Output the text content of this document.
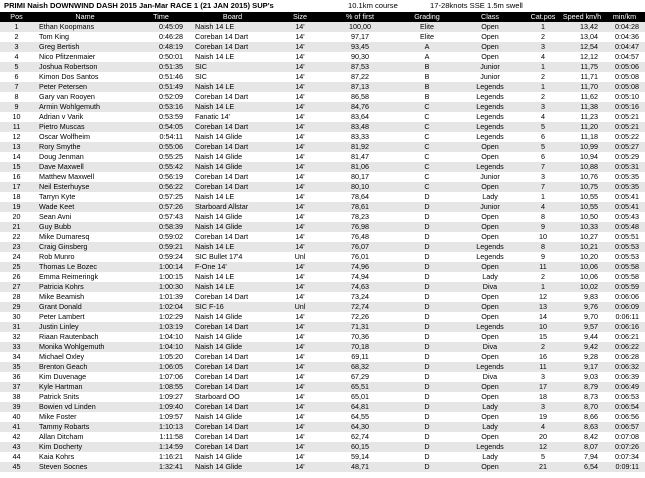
PRIMI Naish DOWNWIND DASH 2015 Jan-Mar RACE 1 (21 JAN 2015) SUP's	10.1km course	17-28knots SSE 1.5m swell
Pos	Name	Time	Board	Size	% of first	Grading	Class	Cat.pos	Speed km/h	min/km
1	Ethan Koopmans	0:45:09	Naish 14 LE	14'	100,00	Elite	Open	1	13,42	0:04:28
2	Tom King	0:46:28	Coreban 14 Dart	14'	97,17	Elite	Open	2	13,04	0:04:36
3	Greg Bertish	0:48:19	Coreban 14 Dart	14'	93,45	A	Open	3	12,54	0:04:47
4	Nico Pfitzenmaier	0:50:01	Naish 14 LE	14'	90,30	A	Open	4	12,12	0:04:57
5	Joshua Robertson	0:51:35	SIC	14'	87,53	B	Junior	1	11,75	0:05:06
6	Kimon Dos Santos	0:51:46	SIC	14'	87,22	B	Junior	2	11,71	0:05:08
7	Peter Petersen	0:51:49	Naish 14 LE	14'	87,13	B	Legends	1	11,70	0:05:08
8	Gary van Rooyen	0:52:09	Coreban 14 Dart	14'	86,58	B	Legends	2	11,62	0:05:10
9	Armin Wohlgemuth	0:53:16	Naish 14 LE	14'	84,76	C	Legends	3	11,38	0:05:16
10	Adrian v Varik	0:53:59	Fanatic 14'	14'	83,64	C	Legends	4	11,23	0:05:21
11	Pietro Muscas	0:54:05	Coreban 14 Dart	14'	83,48	C	Legends	5	11,20	0:05:21
12	Oscar Wolfheim	0:54:11	Naish 14 Glide	14'	83,33	C	Legends	6	11,18	0:05:22
13	Rory Smythe	0:55:06	Coreban 14 Dart	14'	81,92	C	Open	5	10,99	0:05:27
14	Doug Jenman	0:55:25	Naish 14 Glide	14'	81,47	C	Open	6	10,94	0:05:29
15	Dave Maxwell	0:55:42	Naish 14 Glide	14'	81,06	C	Legends	7	10,88	0:05:31
16	Matthew Maxwell	0:56:19	Coreban 14 Dart	14'	80,17	C	Junior	3	10,76	0:05:35
17	Neil Esterhuyse	0:56:22	Coreban 14 Dart	14'	80,10	C	Open	7	10,75	0:05:35
18	Tarryn Kyte	0:57:25	Naish 14 LE	14'	78,64	D	Lady	1	10,55	0:05:41
19	Wade Keet	0:57:26	Starboard Allstar	14'	78,61	D	Junior	4	10,55	0:05:41
20	Sean Avni	0:57:43	Naish 14 Glide	14'	78,23	D	Open	8	10,50	0:05:43
21	Guy Bubb	0:58:39	Naish 14 Glide	14'	76,98	D	Open	9	10,33	0:05:48
22	Mike Dumaresq	0:59:02	Coreban 14 Dart	14'	76,48	D	Open	10	10,27	0:05:51
23	Craig Ginsberg	0:59:21	Naish 14 LE	14'	76,07	D	Legends	8	10,21	0:05:53
24	Rob Munro	0:59:24	SIC Bullet 17'4	Unl	76,01	D	Legends	9	10,20	0:05:53
25	Thomas Le Bozec	1:00:14	F-One 14'	14'	74,96	D	Open	11	10,06	0:05:58
26	Emma Reimeringk	1:00:15	Naish 14 LE	14'	74,94	D	Lady	2	10,06	0:05:58
27	Patricia Kohrs	1:00:30	Naish 14 LE	14'	74,63	D	Diva	1	10,02	0:05:59
28	Mike Beamish	1:01:39	Coreban 14 Dart	14'	73,24	D	Open	12	9,83	0:06:06
29	Grant Donald	1:02:04	SIC F-16	Unl	72,74	D	Open	13	9,76	0:06:09
30	Peter Lambert	1:02:29	Naish 14 Glide	14'	72,26	D	Open	14	9,70	0:06:11
31	Justin Linley	1:03:19	Coreban 14 Dart	14'	71,31	D	Legends	10	9,57	0:06:16
32	Riaan Rautenbach	1:04:10	Naish 14 Glide	14'	70,36	D	Open	15	9,44	0:06:21
33	Monika Wohlgemuth	1:04:10	Naish 14 Glide	14'	70,18	D	Diva	2	9,42	0:06:22
34	Michael Oxley	1:05:20	Coreban 14 Dart	14'	69,11	D	Open	16	9,28	0:06:28
35	Brenton Geach	1:06:05	Coreban 14 Dart	14'	68,32	D	Legends	11	9,17	0:06:32
36	Kim Duvenage	1:07:06	Coreban 14 Dart	14'	67,29	D	Diva	3	9,03	0:06:39
37	Kyle Hartman	1:08:55	Coreban 14 Dart	14'	65,51	D	Open	17	8,79	0:06:49
38	Patrick Snits	1:09:27	Starboard OO	14'	65,01	D	Open	18	8,73	0:06:53
39	Bowien vd Linden	1:09:40	Coreban 14 Dart	14'	64,81	D	Lady	3	8,70	0:06:54
40	Mike Foster	1:09:57	Naish 14 Glide	14'	64,55	D	Open	19	8,66	0:06:56
41	Tammy Robarts	1:10:13	Coreban 14 Dart	14'	64,30	D	Lady	4	8,63	0:06:57
42	Allan Ditcham	1:11:58	Coreban 14 Dart	14'	62,74	D	Open	20	8,42	0:07:08
43	Kim Docherty	1:14:59	Coreban 14 Dart	14'	60,15	D	Legends	12	8,07	0:07:26
44	Kaia Kohrs	1:16:21	Naish 14 Glide	14'	59,14	D	Lady	5	7,94	0:07:34
45	Steven Socnes	1:32:41	Naish 14 Glide	14'	48,71	D	Open	21	6,54	0:09:11
